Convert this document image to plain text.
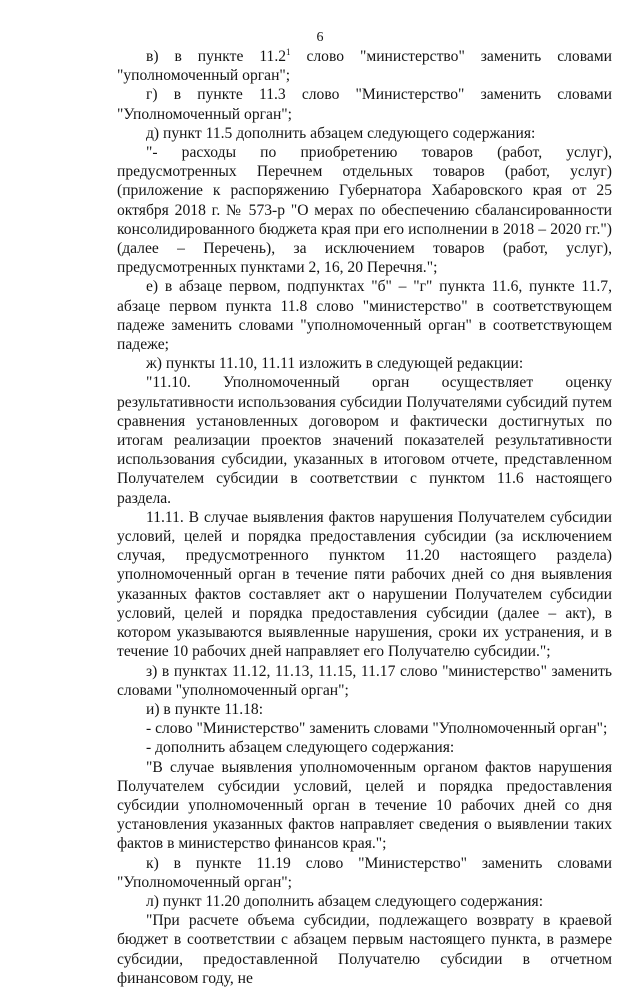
6

в) в пункте 11.2$^1$ слово "министерство" заменить словами "уполномоченный орган";

г) в пункте 11.3 слово "Министерство" заменить словами "Уполномоченный орган";

д) пункт 11.5 дополнить абзацем следующего содержания:

"- расходы по приобретению товаров (работ, услуг), предусмотренных Перечнем отдельных товаров (работ, услуг) (приложение к распоряжению Губернатора Хабаровского края от 25 октября 2018 г. № 573-р "О мерах по обеспечению сбалансированности консолидированного бюджета края при его исполнении в 2018 – 2020 гг.") (далее – Перечень), за исключением товаров (работ, услуг), предусмотренных пунктами 2, 16, 20 Перечня.";

е) в абзаце первом, подпунктах "б" – "г" пункта 11.6, пункте 11.7, абзаце первом пункта 11.8 слово "министерство" в соответствующем падеже заменить словами "уполномоченный орган" в соответствующем падеже;

ж) пункты 11.10, 11.11 изложить в следующей редакции:

"11.10. Уполномоченный орган осуществляет оценку результативности использования субсидии Получателями субсидий путем сравнения установленных договором и фактически достигнутых по итогам реализации проектов значений показателей результативности использования субсидии, указанных в итоговом отчете, представленном Получателем субсидии в соответствии с пунктом 11.6 настоящего раздела.

11.11. В случае выявления фактов нарушения Получателем субсидии условий, целей и порядка предоставления субсидии (за исключением случая, предусмотренного пунктом 11.20 настоящего раздела) уполномоченный орган в течение пяти рабочих дней со дня выявления указанных фактов составляет акт о нарушении Получателем субсидии условий, целей и порядка предоставления субсидии (далее – акт), в котором указываются выявленные нарушения, сроки их устранения, и в течение 10 рабочих дней направляет его Получателю субсидии.";

з) в пунктах 11.12, 11.13, 11.15, 11.17 слово "министерство" заменить словами "уполномоченный орган";

и) в пункте 11.18:

- слово "Министерство" заменить словами "Уполномоченный орган";

- дополнить абзацем следующего содержания:

"В случае выявления уполномоченным органом фактов нарушения Получателем субсидии условий, целей и порядка предоставления субсидии уполномоченный орган в течение 10 рабочих дней со дня установления указанных фактов направляет сведения о выявлении таких фактов в министерство финансов края.";

к) в пункте 11.19 слово "Министерство" заменить словами "Уполномоченный орган";

л) пункт 11.20 дополнить абзацем следующего содержания:

"При расчете объема субсидии, подлежащего возврату в краевой бюджет в соответствии с абзацем первым настоящего пункта, в размере субсидии, предоставленной Получателю субсидии в отчетном финансовом году, не
